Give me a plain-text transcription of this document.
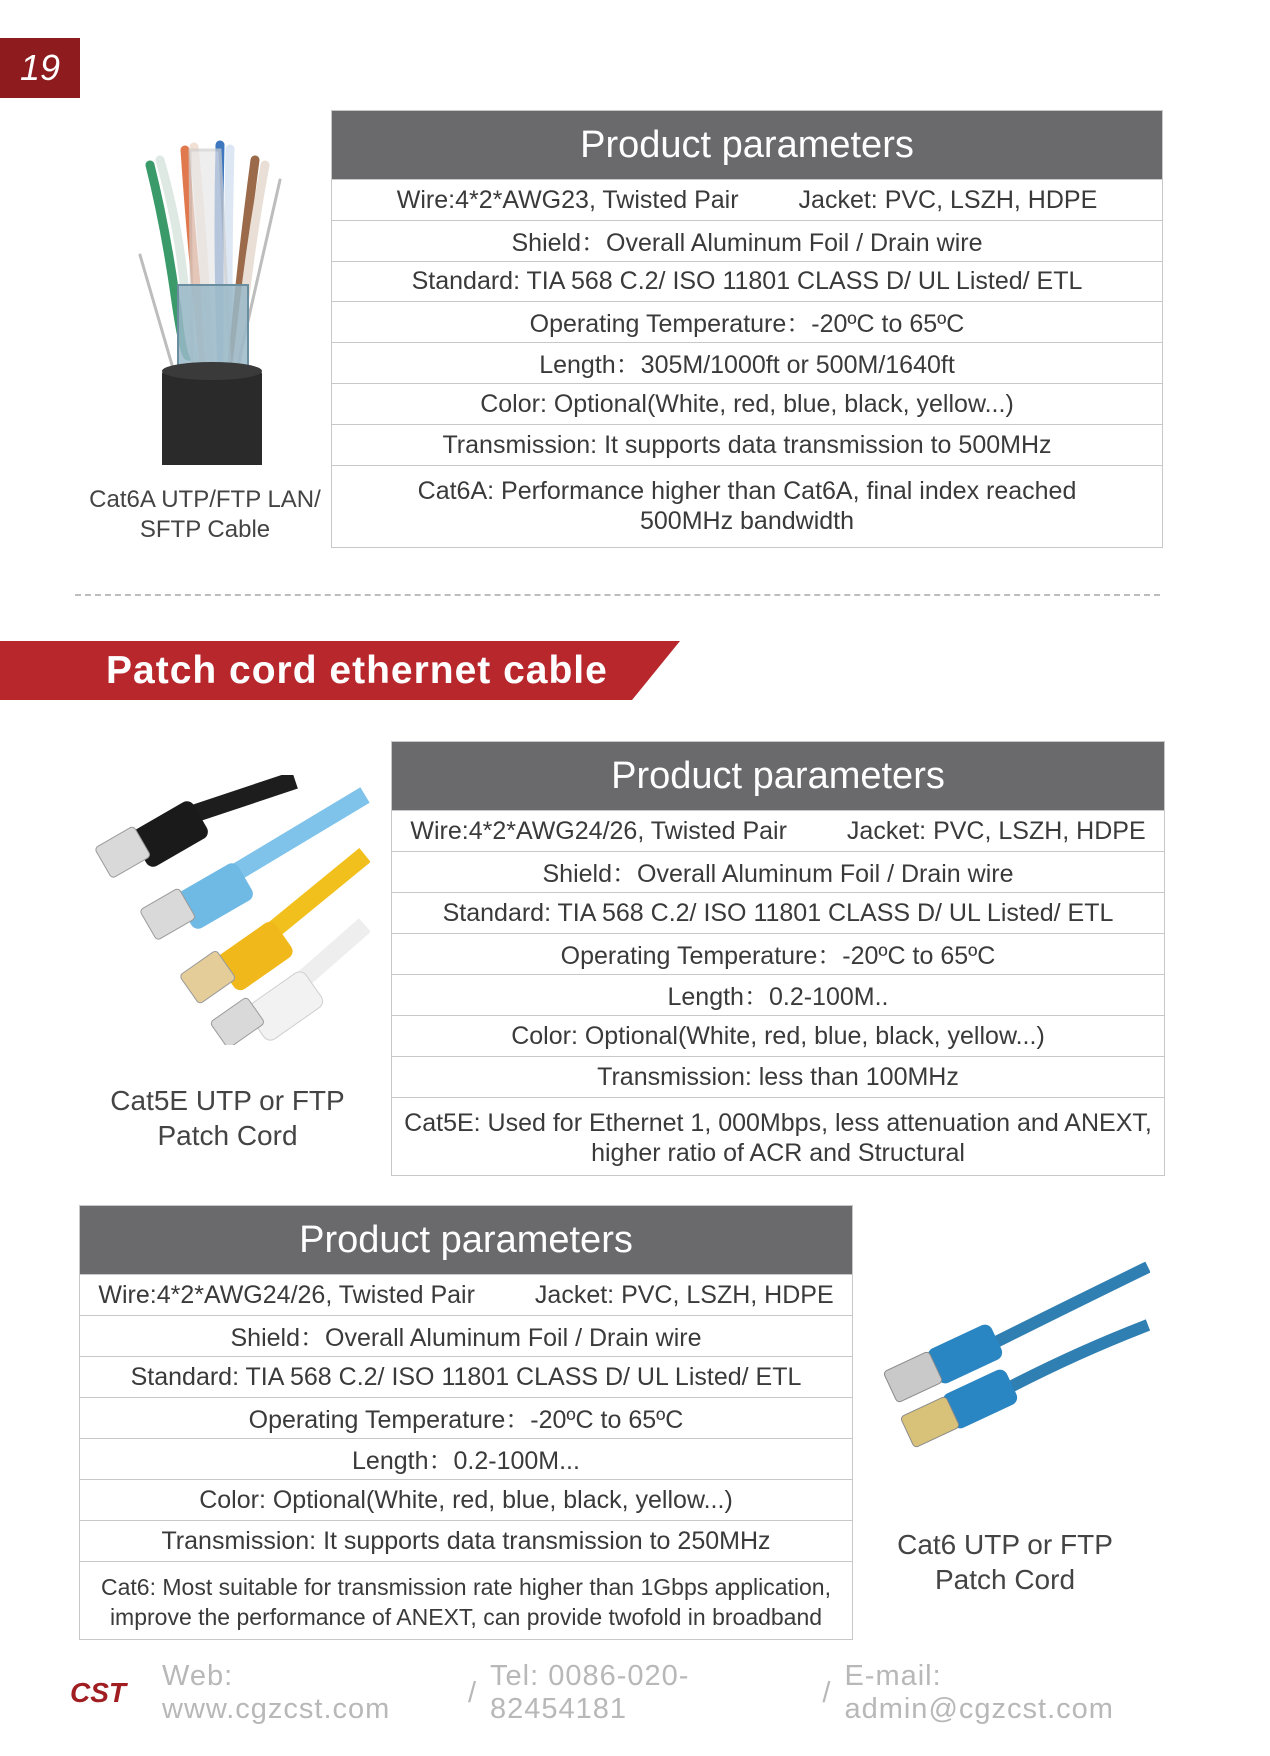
19
Cat6A UTP/FTP LAN/
SFTP Cable
Product parameters
Wire:4*2*AWG23, Twisted Pair Jacket: PVC, LSZH, HDPE
Shield：Overall Aluminum Foil / Drain wire
Standard: TIA 568 C.2/ ISO 11801 CLASS D/ UL Listed/ ETL
Operating Temperature：-20ºC to 65ºC
Length：305M/1000ft or 500M/1640ft
Color: Optional(White, red, blue, black, yellow...)
Transmission: It supports data transmission to 500MHz
Cat6A: Performance higher than Cat6A, final index reached
500MHz bandwidth
Patch cord ethernet cable
Cat5E UTP or FTP
Patch Cord
Product parameters
Wire:4*2*AWG24/26, Twisted Pair Jacket: PVC, LSZH, HDPE
Shield：Overall Aluminum Foil / Drain wire
Standard: TIA 568 C.2/ ISO 11801 CLASS D/ UL Listed/ ETL
Operating Temperature：-20ºC to 65ºC
Length：0.2-100M..
Color: Optional(White, red, blue, black, yellow...)
Transmission: less than 100MHz
Cat5E: Used for Ethernet 1, 000Mbps, less attenuation and ANEXT,
higher ratio of ACR and Structural
Product parameters
Wire:4*2*AWG24/26, Twisted Pair Jacket: PVC, LSZH, HDPE
Shield：Overall Aluminum Foil / Drain wire
Standard: TIA 568 C.2/ ISO 11801 CLASS D/ UL Listed/ ETL
Operating Temperature：-20ºC to 65ºC
Length：0.2-100M...
Color: Optional(White, red, blue, black, yellow...)
Transmission: It supports data transmission to 250MHz
Cat6: Most suitable for transmission rate higher than 1Gbps application,
improve the performance of ANEXT, can provide twofold in broadband
Cat6 UTP or FTP
Patch Cord
CST
Web: www.cgzcst.com
/
Tel: 0086-020-82454181
/
E-mail: admin@cgzcst.com
